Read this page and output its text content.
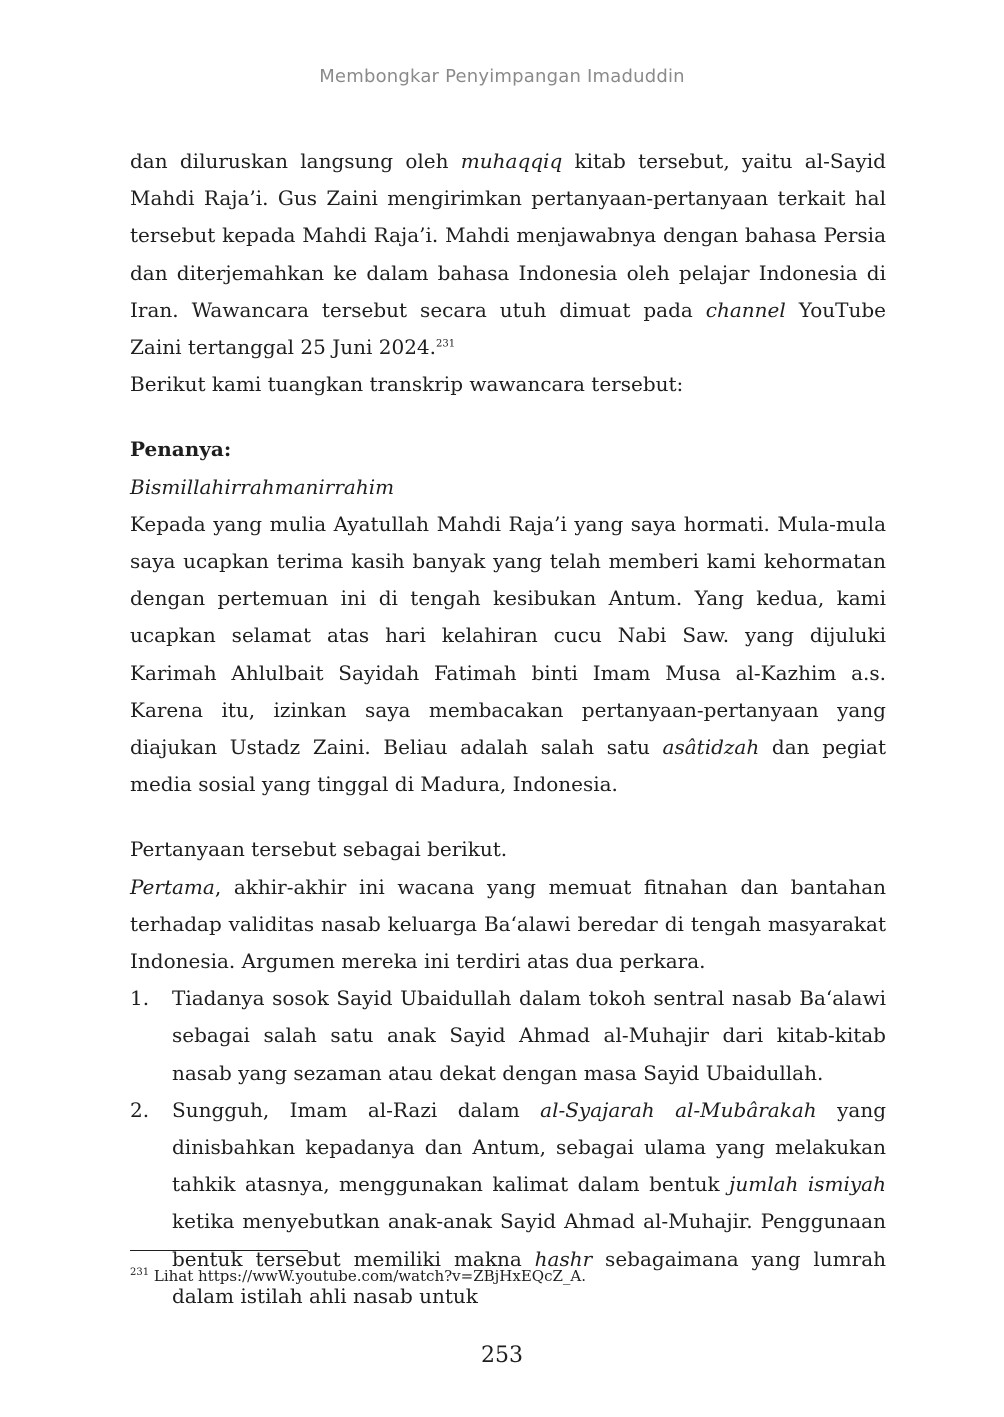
Membongkar Penyimpangan Imaduddin

dan diluruskan langsung oleh muhaqqiq kitab tersebut, yaitu al-Sayid Mahdi Raja’i. Gus Zaini mengirimkan pertanyaan-pertanyaan terkait hal tersebut kepada Mahdi Raja’i. Mahdi menjawabnya dengan bahasa Persia dan diterjemahkan ke dalam bahasa Indonesia oleh pelajar Indonesia di Iran. Wawancara tersebut secara utuh dimuat pada channel YouTube Zaini tertanggal 25 Juni 2024.$^{231}$

Berikut kami tuangkan transkrip wawancara tersebut:

Penanya:

Bismillahirrahmanirrahim

Kepada yang mulia Ayatullah Mahdi Raja’i yang saya hormati. Mula-mula saya ucapkan terima kasih banyak yang telah memberi kami kehormatan dengan pertemuan ini di tengah kesibukan Antum. Yang kedua, kami ucapkan selamat atas hari kelahiran cucu Nabi Saw. yang dijuluki Karimah Ahlulbait Sayidah Fatimah binti Imam Musa al-Kazhim a.s. Karena itu, izinkan saya membacakan pertanyaan-pertanyaan yang diajukan Ustadz Zaini. Beliau adalah salah satu asâtidzah dan pegiat media sosial yang tinggal di Madura, Indonesia.

Pertanyaan tersebut sebagai berikut.

Pertama, akhir-akhir ini wacana yang memuat fitnahan dan bantahan terhadap validitas nasab keluarga Ba‘alawi beredar di tengah masyarakat Indonesia. Argumen mereka ini terdiri atas dua perkara.

1. Tiadanya sosok Sayid Ubaidullah dalam tokoh sentral nasab Ba‘alawi sebagai salah satu anak Sayid Ahmad al-Muhajir dari kitab-kitab nasab yang sezaman atau dekat dengan masa Sayid Ubaidullah.
2. Sungguh, Imam al-Razi dalam al-Syajarah al-Mubârakah yang dinisbahkan kepadanya dan Antum, sebagai ulama yang melakukan tahkik atasnya, menggunakan kalimat dalam bentuk jumlah ismiyah ketika menyebutkan anak-anak Sayid Ahmad al-Muhajir. Penggunaan bentuk tersebut memiliki makna hashr sebagaimana yang lumrah dalam istilah ahli nasab untuk
$^{231}$ Lihat https://wwW.youtube.com/watch?v=ZBjHxEQcZ_A.
253
